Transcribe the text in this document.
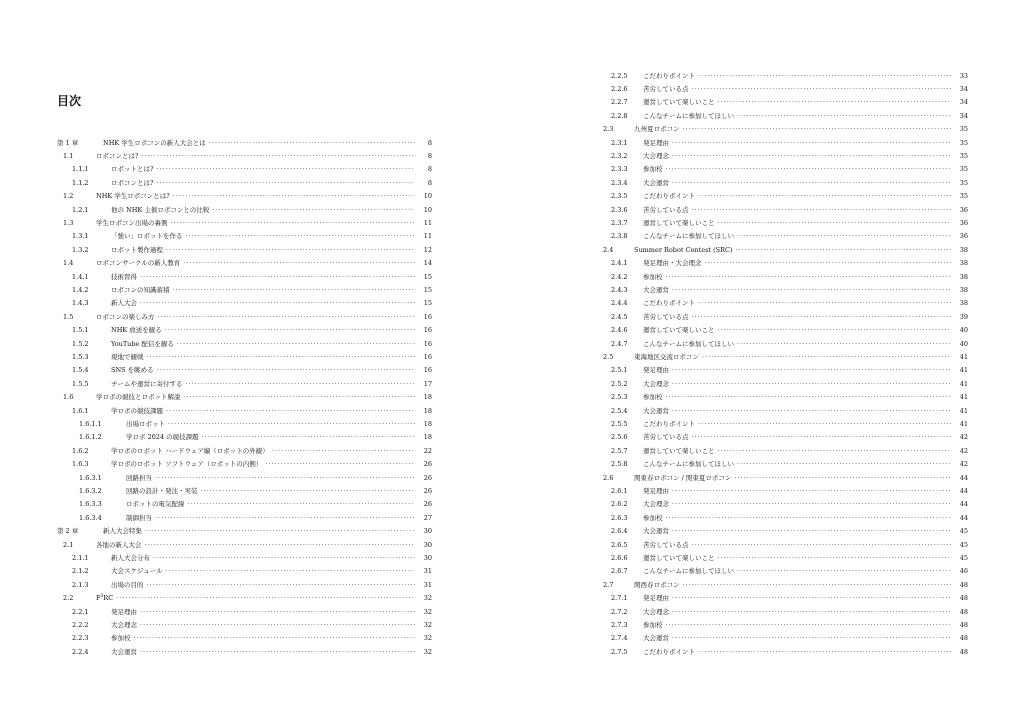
目次
第 1 章	NHK 学生ロボコンの新人大会とは ·····	8
1.1	ロボコンとは? ·····	8
1.1.1	ロボットとは? ·····	8
1.1.2	ロボコンとは? ·····	8
1.2	NHK 学生ロボコンとは? ·····	10
1.2.1	他の NHK 主催ロボコンとの比較 ·····	10
1.3	学生ロボコン出場の裏側 ·····	11
1.3.1	「強い」ロボットを作る ·····	11
1.3.2	ロボット製作過程 ·····	12
1.4	ロボコンサークルの新人教育 ·····	14
1.4.1	技術習得 ·····	15
1.4.2	ロボコンの知識蓄積 ·····	15
1.4.3	新人大会 ·····	15
1.5	ロボコンの楽しみ方 ·····	16
1.5.1	NHK 放送を観る ·····	16
1.5.2	YouTube 配信を観る ·····	16
1.5.3	現地で観戦 ·····	16
1.5.4	SNS を眺める ·····	16
1.5.5	チームや運営に寄付する ·····	17
1.6	学ロボの競技とロボット解説 ·····	18
1.6.1	学ロボの競技課題 ·····	18
1.6.1.1	出場ロボット ·····	18
1.6.1.2	学ロボ 2024 の競技課題 ·····	18
1.6.2	学ロボのロボット ハードウェア編（ロボットの外観） ·····	22
1.6.3	学ロボのロボット ソフトウェア（ロボットの内側） ·····	26
1.6.3.1	回路担当 ·····	26
1.6.3.2	回路の設計・発注・実装 ·····	26
1.6.3.3	ロボットの電気配線 ·····	26
1.6.3.4	制御担当 ·····	27
第 2 章	新人大会特集 ·····	30
2.1	各地の新人大会 ·····	30
2.1.1	新人大会分布 ·····	30
2.1.2	大会スケジュール ·····	31
2.1.3	出場の目的 ·····	31
2.2	$F^3RC$ ·····	32
2.2.1	発足理由 ·····	32
2.2.2	大会理念 ·····	32
2.2.3	参加校 ·····	32
2.2.4	大会運営 ·····	32
2.2.5	こだわりポイント ·····	33
2.2.6	苦労している点 ·····	34
2.2.7	運営していて楽しいこと ·····	34
2.2.8	こんなチームに参加してほしい ·····	34
2.3	九州夏ロボコン ·····	35
2.3.1	発足理由 ·····	35
2.3.2	大会理念 ·····	35
2.3.3	参加校 ·····	35
2.3.4	大会運営 ·····	35
2.3.5	こだわりポイント ·····	35
2.3.6	苦労している点 ·····	36
2.3.7	運営していて楽しいこと ·····	36
2.3.8	こんなチームに参加してほしい ·····	36
2.4	Summer Robot Contest (SRC) ·····	38
2.4.1	発足理由・大会理念 ·····	38
2.4.2	参加校 ·····	38
2.4.3	大会運営 ·····	38
2.4.4	こだわりポイント ·····	38
2.4.5	苦労している点 ·····	39
2.4.6	運営していて楽しいこと ·····	40
2.4.7	こんなチームに参加してほしい ·····	40
2.5	東海地区交流ロボコン ·····	41
2.5.1	発足理由 ·····	41
2.5.2	大会理念 ·····	41
2.5.3	参加校 ·····	41
2.5.4	大会運営 ·····	41
2.5.5	こだわりポイント ·····	41
2.5.6	苦労している点 ·····	42
2.5.7	運営していて楽しいこと ·····	42
2.5.8	こんなチームに参加してほしい ·····	42
2.6	関東春ロボコン / 関東夏ロボコン ·····	44
2.6.1	発足理由 ·····	44
2.6.2	大会理念 ·····	44
2.6.3	参加校 ·····	44
2.6.4	大会運営 ·····	45
2.6.5	苦労している点 ·····	45
2.6.6	運営していて楽しいこと ·····	45
2.6.7	こんなチームに参加してほしい ·····	46
2.7	関西春ロボコン ·····	48
2.7.1	発足理由 ·····	48
2.7.2	大会理念 ·····	48
2.7.3	参加校 ·····	48
2.7.4	大会運営 ·····	48
2.7.5	こだわりポイント ·····	48
